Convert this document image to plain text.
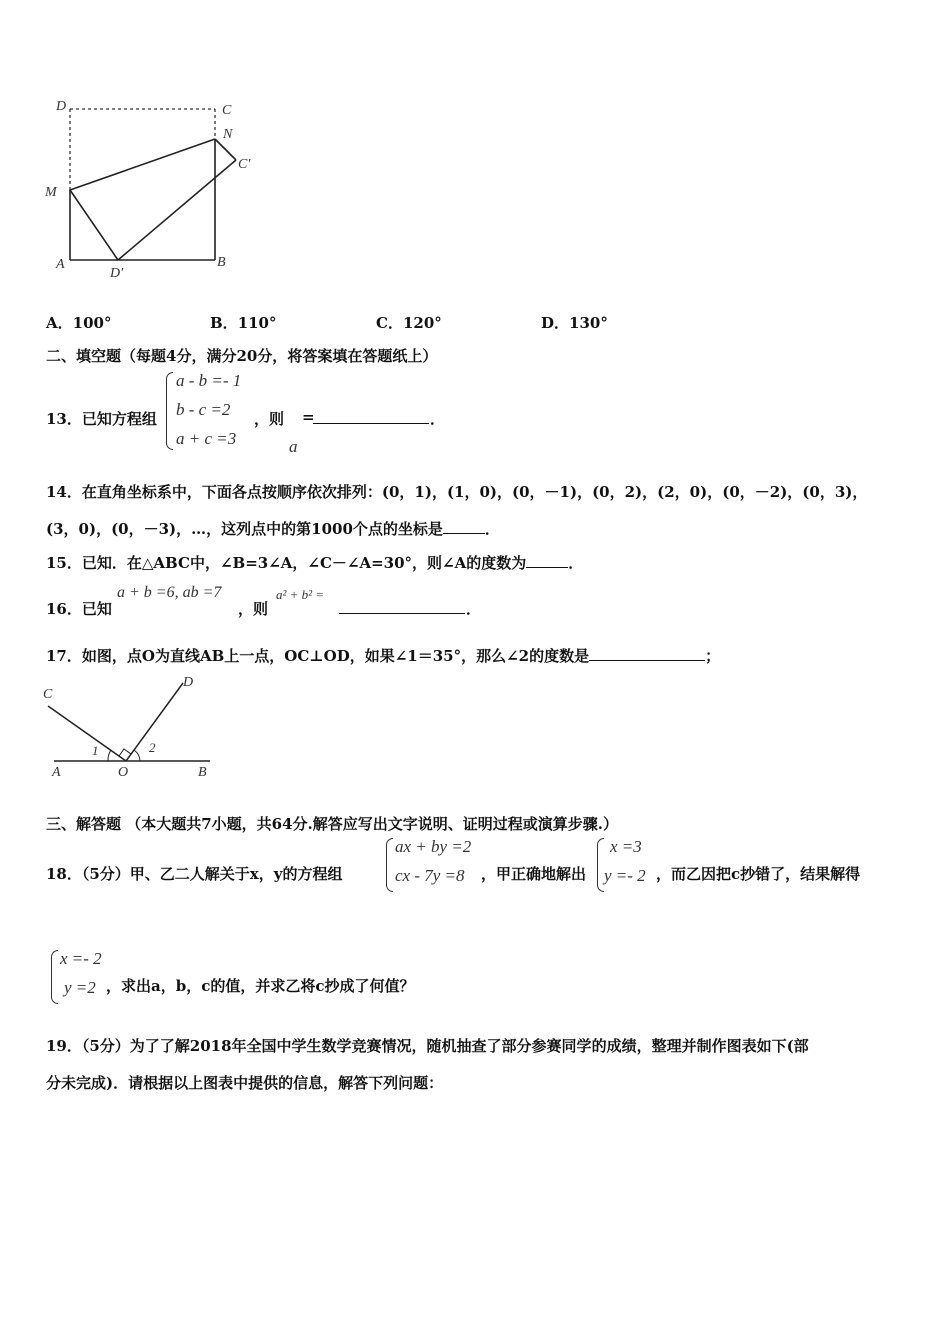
D	C
N
C′
M
A
D′
B
A．100°	B．110°	C．120°	D．130°
二、填空题（每题4分，满分20分，将答案填在答题纸上）
13．已知方程组
a - b =- 1
b - c =2
a + c =3
，则 =	．
a
14．在直角坐标系中，下面各点按顺序依次排列：(0，1)，(1，0)，(0，－1)，(0，2)，(2，0)，(0，－2)，(0，3)，
(3，0)，(0，－3)，…，这列点中的第1000个点的坐标是	．
15．已知．在△ABC中，∠B=3∠A，∠C－∠A=30°，则∠A的度数为	．
16．已知
a + b =6, ab =7
，则
a² + b² =
．
17．如图，点O为直线AB上一点，OC⊥OD，如果∠1＝35°，那么∠2的度数是	；
C
D
A	O	B
1	2
三、解答题 （本大题共7小题，共64分.解答应写出文字说明、证明过程或演算步骤.）
18．（5分）甲、乙二人解关于x，y的方程组
ax + by =2
cx - 7y =8 ，甲正确地解出
x =3
y =- 2 ，而乙因把c抄错了，结果解得
x =- 2
y =2 ，求出a，b，c的值，并求乙将c抄成了何值？
19．（5分）为了了解2018年全国中学生数学竞赛情况，随机抽查了部分参赛同学的成绩，整理并制作图表如下(部
分未完成)．请根据以上图表中提供的信息，解答下列问题：
